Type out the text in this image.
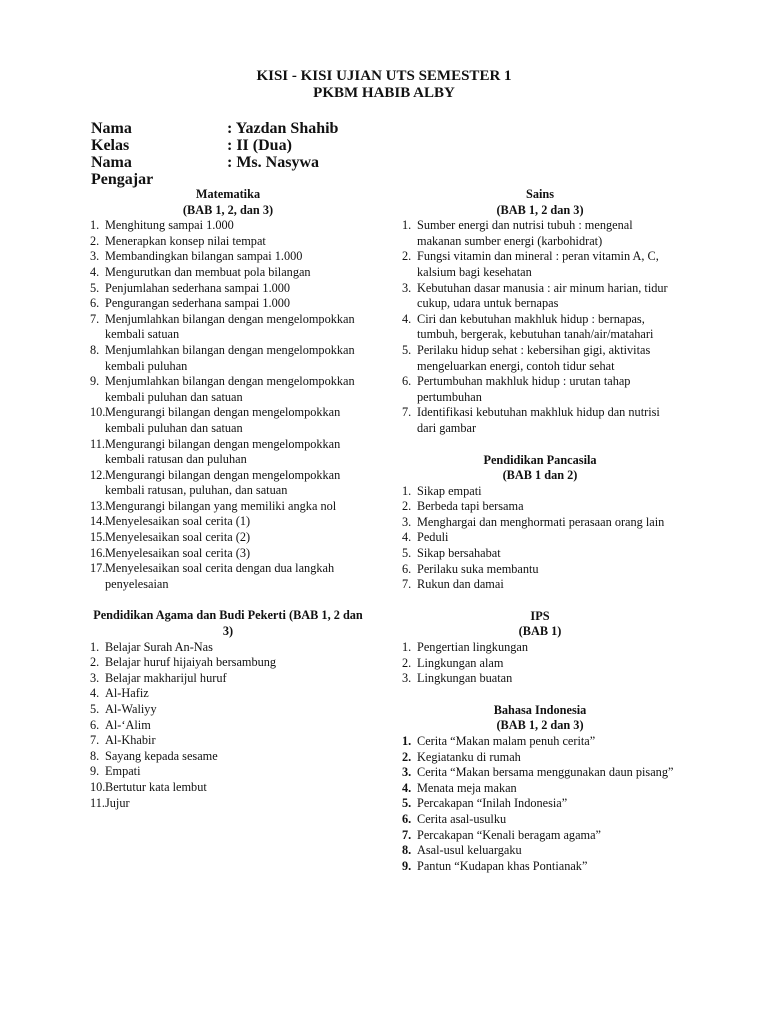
KISI - KISI UJIAN UTS SEMESTER 1
PKBM HABIB ALBY
Nama	: Yazdan Shahib
Kelas	: II (Dua)
Nama Pengajar
: Ms. Nasywa
Matematika
(BAB 1, 2, dan 3)
1. Menghitung sampai 1.000
2. Menerapkan konsep nilai tempat
3. Membandingkan bilangan sampai 1.000
4. Mengurutkan dan membuat pola bilangan
5. Penjumlahan sederhana sampai 1.000
6. Pengurangan sederhana sampai 1.000
7. Menjumlahkan bilangan dengan mengelompokkan kembali satuan
8. Menjumlahkan bilangan dengan mengelompokkan kembali puluhan
9. Menjumlahkan bilangan dengan mengelompokkan kembali puluhan dan satuan
10. Mengurangi bilangan dengan mengelompokkan kembali puluhan dan satuan
11. Mengurangi bilangan dengan mengelompokkan kembali ratusan dan puluhan
12. Mengurangi bilangan dengan mengelompokkan kembali ratusan, puluhan, dan satuan
13. Mengurangi bilangan yang memiliki angka nol
14. Menyelesaikan soal cerita (1)
15. Menyelesaikan soal cerita (2)
16. Menyelesaikan soal cerita (3)
17. Menyelesaikan soal cerita dengan dua langkah penyelesaian
Pendidikan Agama dan Budi Pekerti (BAB 1, 2 dan 3)
1. Belajar Surah An-Nas
2. Belajar huruf hijaiyah bersambung
3. Belajar makharijul huruf
4. Al-Hafiz
5. Al-Waliyy
6. Al-‘Alim
7. Al-Khabir
8. Sayang kepada sesame
9. Empati
10. Bertutur kata lembut
11. Jujur
Sains
(BAB 1, 2 dan 3)
1. Sumber energi dan nutrisi tubuh : mengenal makanan sumber energi (karbohidrat)
2. Fungsi vitamin dan mineral : peran vitamin A, C, kalsium bagi kesehatan
3. Kebutuhan dasar manusia : air minum harian, tidur cukup, udara untuk bernapas
4. Ciri dan kebutuhan makhluk hidup : bernapas, tumbuh, bergerak, kebutuhan tanah/air/matahari
5. Perilaku hidup sehat : kebersihan gigi, aktivitas mengeluarkan energi, contoh tidur sehat
6. Pertumbuhan makhluk hidup : urutan tahap pertumbuhan
7. Identifikasi kebutuhan makhluk hidup dan nutrisi dari gambar
Pendidikan Pancasila
(BAB 1 dan 2)
1. Sikap empati
2. Berbeda tapi bersama
3. Menghargai dan menghormati perasaan orang lain
4. Peduli
5. Sikap bersahabat
6. Perilaku suka membantu
7. Rukun dan damai
IPS
(BAB 1)
1. Pengertian lingkungan
2. Lingkungan alam
3. Lingkungan buatan
Bahasa Indonesia
(BAB 1, 2 dan 3)
1. Cerita “Makan malam penuh cerita”
2. Kegiatanku di rumah
3. Cerita “Makan bersama menggunakan daun pisang”
4. Menata meja makan
5. Percakapan “Inilah Indonesia”
6. Cerita asal-usulku
7. Percakapan “Kenali beragam agama”
8. Asal-usul keluargaku
9. Pantun “Kudapan khas Pontianak”
